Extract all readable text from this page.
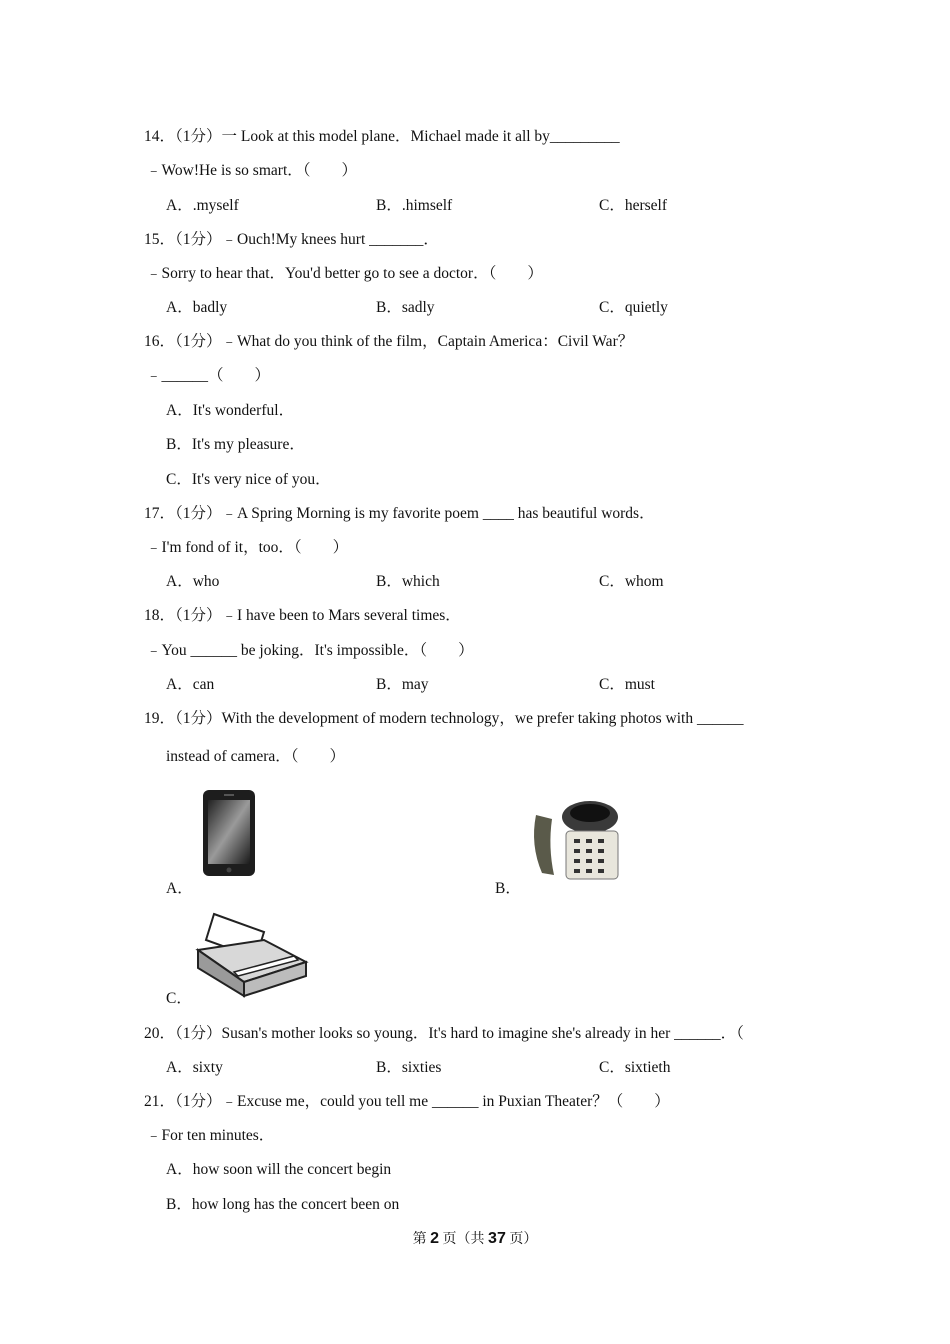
14．（1分）一 Look at this model plane．Michael made it all by_________
﹣Wow!He is so smart．（　　）
A．.myself	B．.himself	C．herself
15．（1分）﹣Ouch!My knees hurt _______．
﹣Sorry to hear that．You'd better go to see a doctor．（　　）
A．badly	B．sadly	C．quietly
16．（1分）﹣What do you think of the film，Captain America：Civil War？
﹣______（　　）
A．It's wonderful．
B．It's my pleasure．
C．It's very nice of you．
17．（1分）﹣A Spring Morning is my favorite poem ____ has beautiful words．
﹣I'm fond of it，too．（　　）
A．who	B．which	C．whom
18．（1分）﹣I have been to Mars several times．
﹣You ______ be joking．It's impossible．（　　）
A．can	B．may	C．must
19．（1分）With the development of modern technology，we prefer taking photos with ______
instead of camera．（　　）
A．	B．
C．
20．（1分）Susan's mother looks so young．It's hard to imagine she's already in her ______．（
A．sixty	B．sixties	C．sixtieth
21．（1分）﹣Excuse me，could you tell me ______ in Puxian Theater？（　　）
﹣For ten minutes．
A．how soon will the concert begin
B．how long has the concert been on
第 2 页（共 37 页）
